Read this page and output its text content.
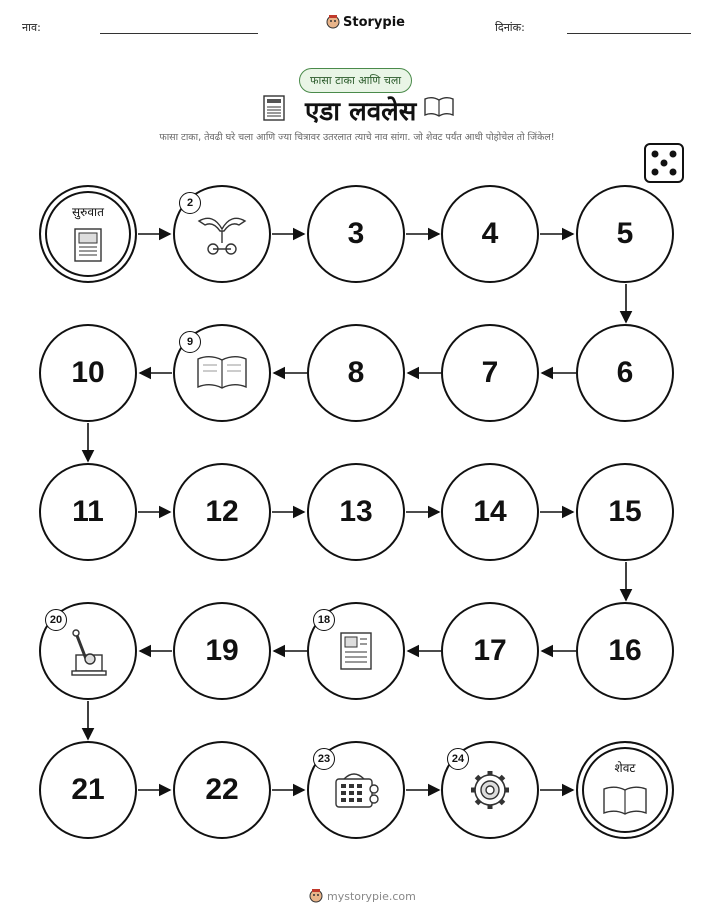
नाव:	Storypie	दिनांक:
फासा टाका आणि चला
एडा लवलेस
फासा टाका, तेवढी घरे चला आणि ज्या चित्रावर उतरलात त्याचे नाव सांगा. जो शेवट पर्यंत आधी पोहोचेल तो जिंकेल!
सुरुवात
2
3	4	5
10
9
8	7	6
11	12	13	14	15
20
19
18
17	16
21	22
23	24
शेवट
mystorypie.com
